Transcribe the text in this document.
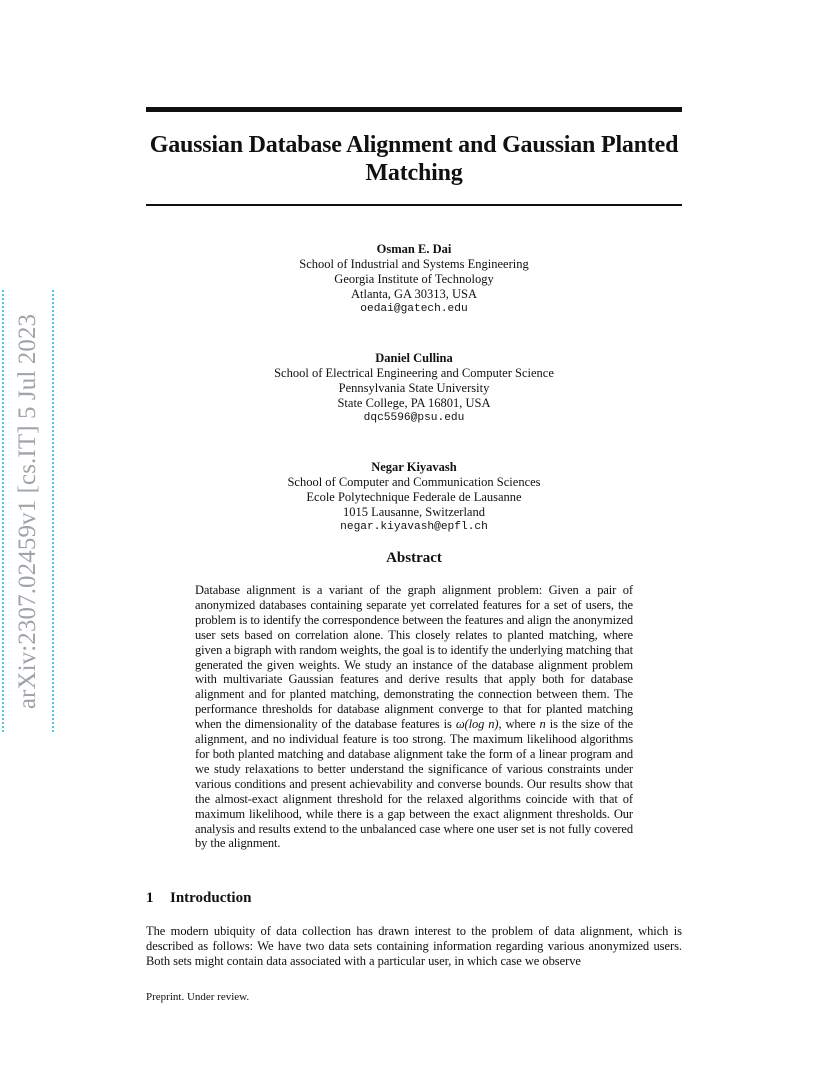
arXiv:2307.02459v1 [cs.IT] 5 Jul 2023
Gaussian Database Alignment and Gaussian Planted Matching
Osman E. Dai
School of Industrial and Systems Engineering
Georgia Institute of Technology
Atlanta, GA 30313, USA
oedai@gatech.edu
Daniel Cullina
School of Electrical Engineering and Computer Science
Pennsylvania State University
State College, PA 16801, USA
dqc5596@psu.edu
Negar Kiyavash
School of Computer and Communication Sciences
Ecole Polytechnique Federale de Lausanne
1015 Lausanne, Switzerland
negar.kiyavash@epfl.ch
Abstract

Database alignment is a variant of the graph alignment problem: Given a pair of anonymized databases containing separate yet correlated features for a set of users, the problem is to identify the correspondence between the features and align the anonymized user sets based on correlation alone. This closely relates to planted matching, where given a bigraph with random weights, the goal is to identify the underlying matching that generated the given weights. We study an instance of the database alignment problem with multivariate Gaussian features and derive results that apply both for database alignment and for planted matching, demonstrating the connection between them. The performance thresholds for database alignment converge to that for planted matching when the dimensionality of the database features is ω(log n), where n is the size of the alignment, and no individual feature is too strong. The maximum likelihood algorithms for both planted matching and database alignment take the form of a linear program and we study relaxations to better understand the significance of various constraints under various conditions and present achievability and converse bounds. Our results show that the almost-exact alignment threshold for the relaxed algorithms coincide with that of maximum likelihood, while there is a gap between the exact alignment thresholds. Our analysis and results extend to the unbalanced case where one user set is not fully covered by the alignment.

1 Introduction

The modern ubiquity of data collection has drawn interest to the problem of data alignment, which is described as follows: We have two data sets containing information regarding various anonymized users. Both sets might contain data associated with a particular user, in which case we observe

Preprint. Under review.
